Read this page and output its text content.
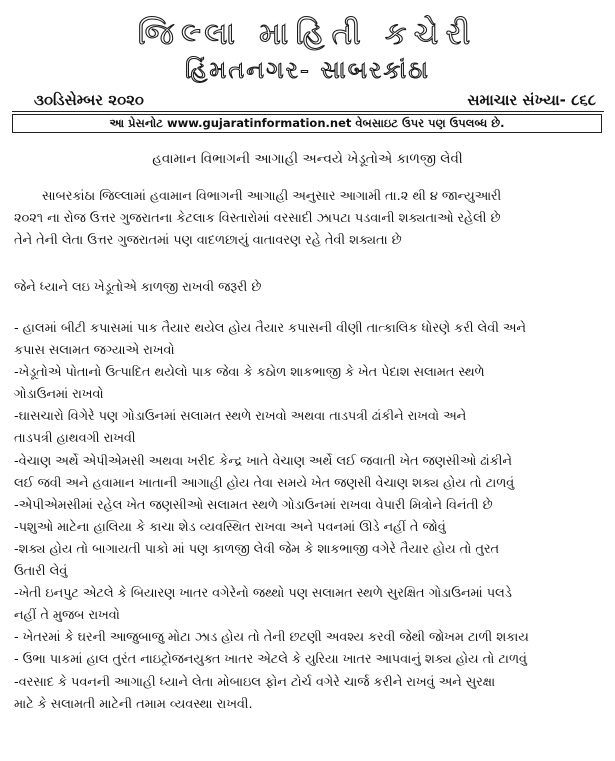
જિલ્લા માહિતી કચેરી
હિંમતનગર- સાબરકાંઠા
૩૦ડિસેમ્બર ૨૦૨૦	સમાચાર સંખ્યા- ૮૬૮
આ પ્રેસનોટ www.gujaratinformation.net વેબસાઇટ ઉપર પણ ઉપલબ્ધ છે.
હવામાન વિભાગની આગાહી અન્વયે ખેડૂતોએ કાળજી લેવી
સાબરકાંઠા જિલ્લામાં હવામાન વિભાગની આગાહી અનુસાર આગામી તા.૨ થી ૪ જાન્યુઆરી
૨૦૨૧ ના રોજ ઉત્તર ગુજરાતના કેટલાક વિસ્તારોમાં વરસાદી ઝાપટા પડવાની શક્યતાઓ રહેલી છે
તેને તેની લેતા ઉત્તર ગુજરાતમાં પણ વાદળછાયું વાતાવરણ રહે તેવી શક્યતા છે
જેને ધ્યાને લઇ ખેડૂતોએ કાળજી રાખવી જરૂરી છે
- હાલમાં બીટી કપાસમાં પાક તૈયાર થયેલ હોય તૈયાર કપાસની વીણી તાત્કાલિક ધોરણે કરી લેવી અને
કપાસ સલામત જગ્યાએ રાખવો
-ખેડૂતોએ પોતાનો ઉત્પાદિત થયેલો પાક જેવા કે કઠોળ શાકભાજી કે ખેત પેદાશ સલામત સ્થળે
ગોડાઉનમાં રાખવો
-ઘાસચારો વિગેરે પણ ગોડાઉનમાં સલામત સ્થળે રાખવો અથવા તાડપત્રી ઢાંકીને રાખવો અને
તાડપત્રી હાથવગી રાખવી
-વેચાણ અર્થે એપીએમસી અથવા ખરીદ કેન્દ્ર ખાતે વેચાણ અર્થે લઈ જવાતી ખેત જણસીઓ ઢાંકીને
લઈ જવી અને હવામાન ખાતાની આગાહી હોય તેવા સમયે ખેત જણસી વેચાણ શક્ય હોય તો ટાળવું
-એપીએમસીમાં રહેલ ખેત જણસીઓ સલામત સ્થળે ગોડાઉનમાં રાખવા વેપારી મિત્રોને વિનંતી છે
-પશુઓ માટેના હાલિયા કે કાચા શેડ વ્યવસ્થિત રાખવા અને પવનમાં ઊડે નહીં તે જોવું
-શક્ય હોય તો બાગાયતી પાકો માં પણ કાળજી લેવી જેમ કે શાકભાજી વગેરે તૈયાર હોય તો તુરત
ઉતારી લેવું
-ખેતી ઇનપુટ એટલે કે બિયારણ ખાતર વગેરેનો જથ્થો પણ સલામત સ્થળે સુરક્ષિત ગોડાઉનમાં પલડે
નહીં તે મુજબ રાખવો
- ખેતરમાં કે ઘરની આજુબાજુ મોટા ઝાડ હોય તો તેની છટણી અવશ્ય કરવી જેથી જોખમ ટાળી શકાય
- ઉભા પાકમાં હાલ તુરંત નાઇટ્રોજનયુક્ત ખાતર એટલે કે યુરિયા ખાતર આપવાનું શક્ય હોય તો ટાળવું
-વરસાદ કે પવનની આગાહી ધ્યાને લેતા મોબાઇલ ફોન ટોર્ચ વગેરે ચાર્જ કરીને રાખવું અને સુરક્ષા
માટે કે સલામતી માટેની તમામ વ્યવસ્થા રાખવી.
